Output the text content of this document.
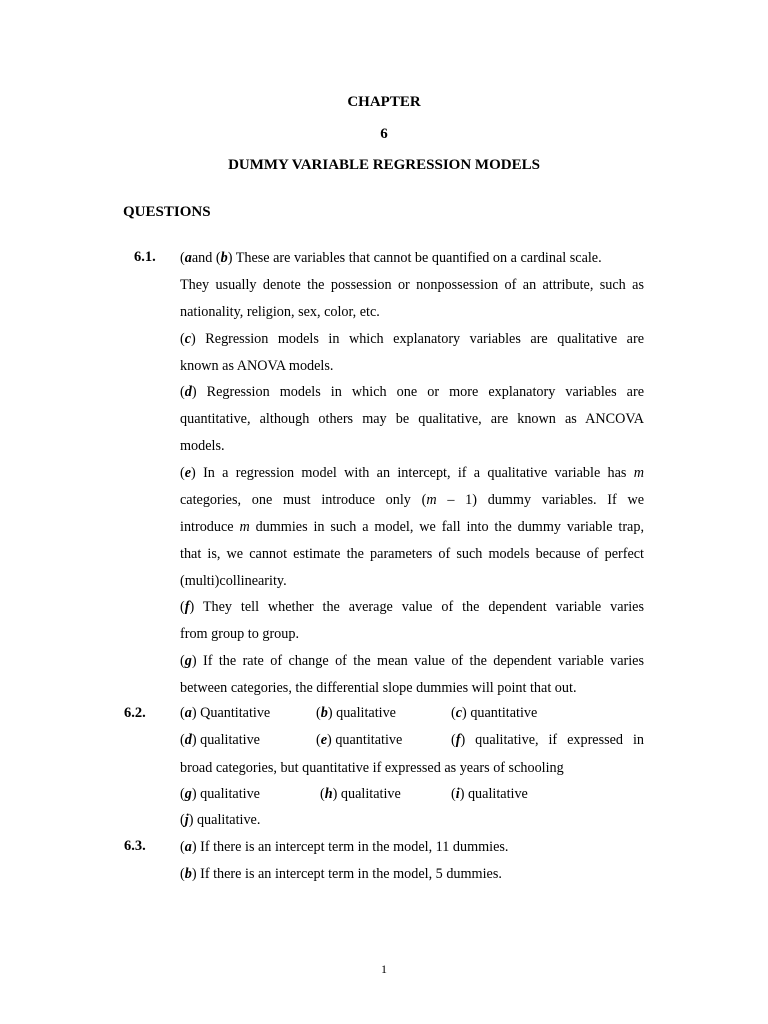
CHAPTER
6
DUMMY VARIABLE REGRESSION MODELS
QUESTIONS
6.1. (aand (b) These are variables that cannot be quantified on a cardinal scale.
They usually denote the possession or nonpossession of an attribute, such as
nationality, religion, sex, color, etc.
(c) Regression models in which explanatory variables are qualitative are
known as ANOVA models.
(d) Regression models in which one or more explanatory variables are
quantitative, although others may be qualitative, are known as ANCOVA
models.
(e) In a regression model with an intercept, if a qualitative variable has m
categories, one must introduce only (m – 1) dummy variables. If we
introduce m dummies in such a model, we fall into the dummy variable trap,
that is, we cannot estimate the parameters of such models because of perfect
(multi)collinearity.
(f) They tell whether the average value of the dependent variable varies
from group to group.
(g) If the rate of change of the mean value of the dependent variable varies
between categories, the differential slope dummies will point that out.
6.2. (a) Quantitative	(b) qualitative	(c) quantitative
(d) qualitative	(e) quantitative	(f) qualitative, if expressed in
broad categories, but quantitative if expressed as years of schooling
(g) qualitative	(h) qualitative	(i) qualitative
(j) qualitative.
6.3. (a) If there is an intercept term in the model, 11 dummies.
(b) If there is an intercept term in the model, 5 dummies.
1
